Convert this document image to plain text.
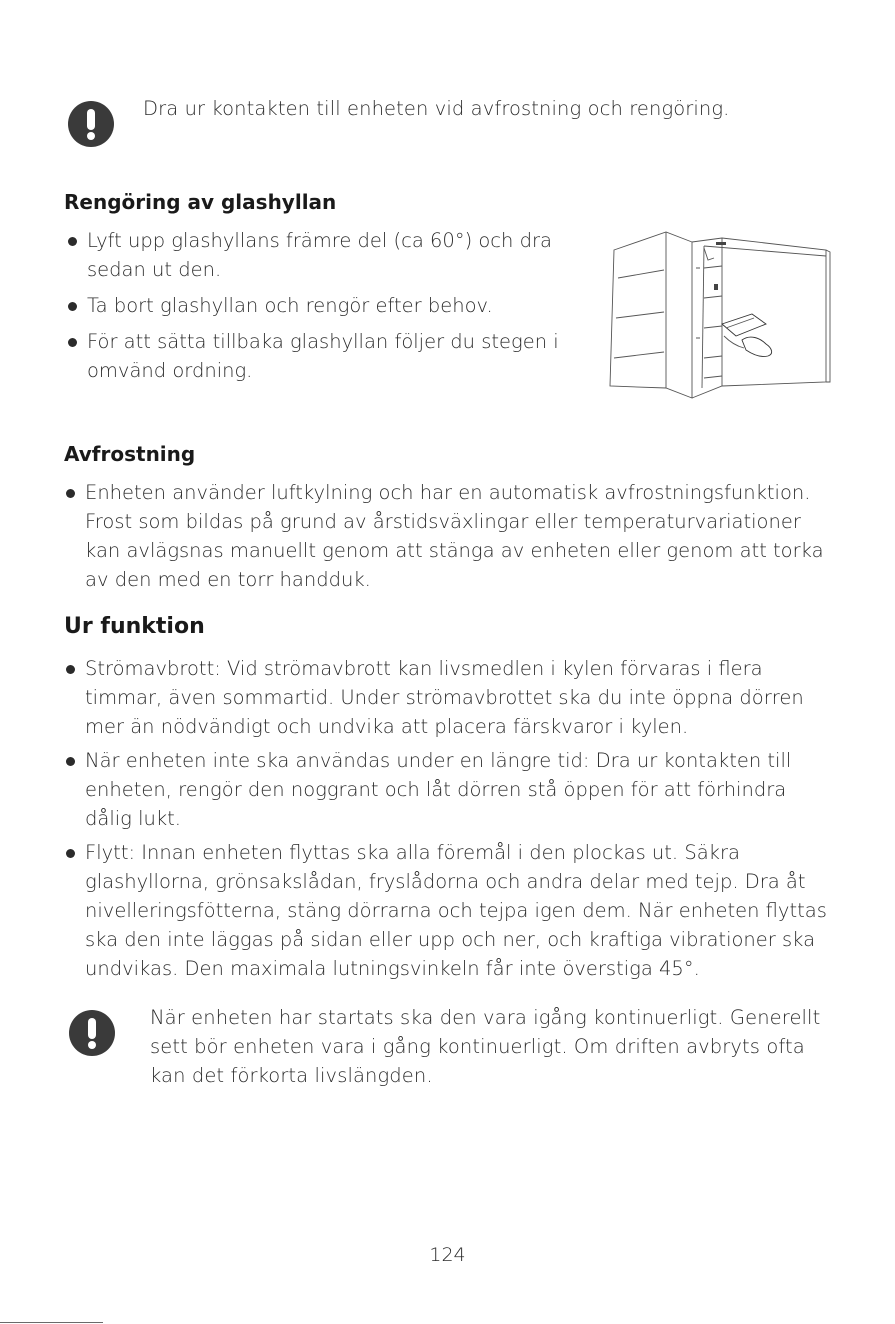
Dra ur kontakten till enheten vid avfrostning och rengöring.
Rengöring av glashyllan
Lyft upp glashyllans främre del (ca 60°) och dra sedan ut den.
Ta bort glashyllan och rengör efter behov.
För att sätta tillbaka glashyllan följer du stegen i omvänd ordning.
Avfrostning
Enheten använder luftkylning och har en automatisk avfrostningsfunktion. Frost som bildas på grund av årstidsväxlingar eller temperaturvariationer kan avlägsnas manuellt genom att stänga av enheten eller genom att torka av den med en torr handduk.
Ur funktion
Strömavbrott: Vid strömavbrott kan livsmedlen i kylen förvaras i flera timmar, även sommartid. Under strömavbrottet ska du inte öppna dörren mer än nödvändigt och undvika att placera färskvaror i kylen.
När enheten inte ska användas under en längre tid: Dra ur kontakten till enheten, rengör den noggrant och låt dörren stå öppen för att förhindra dålig lukt.
Flytt: Innan enheten flyttas ska alla föremål i den plockas ut. Säkra glashyllorna, grönsakslådan, fryslådorna och andra delar med tejp. Dra åt nivelleringsfötterna, stäng dörrarna och tejpa igen dem. När enheten flyttas ska den inte läggas på sidan eller upp och ner, och kraftiga vibrationer ska undvikas. Den maximala lutningsvinkeln får inte överstiga 45°.
När enheten har startats ska den vara igång kontinuerligt. Generellt sett bör enheten vara i gång kontinuerligt. Om driften avbryts ofta kan det förkorta livslängden.
124
